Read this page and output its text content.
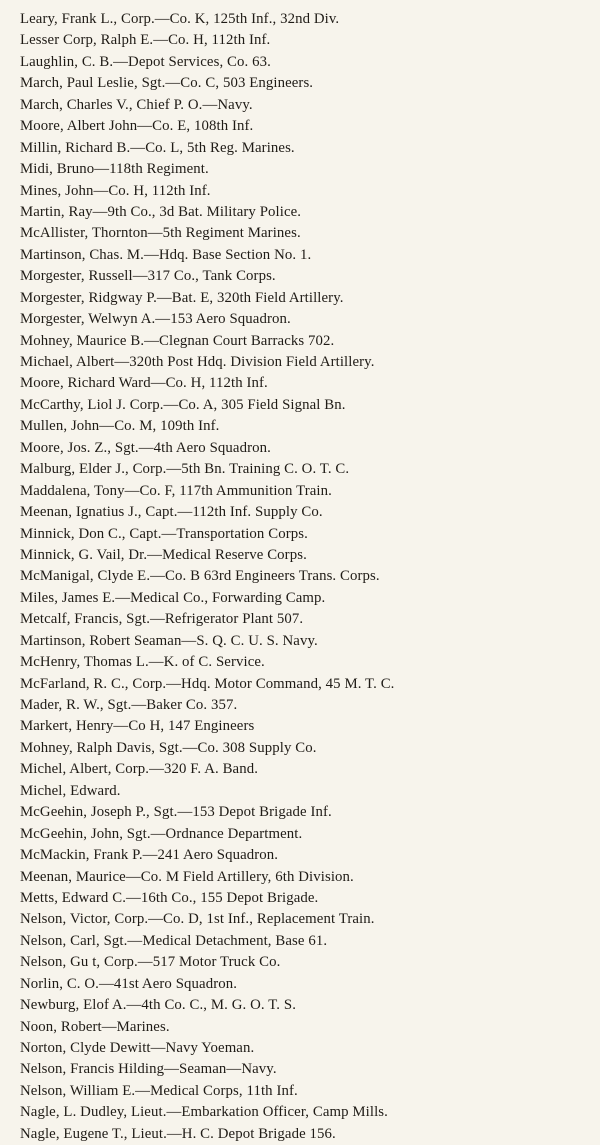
Leary, Frank L., Corp.—Co. K, 125th Inf., 32nd Div.
Lesser Corp, Ralph E.—Co. H, 112th Inf.
Laughlin, C. B.—Depot Services, Co. 63.
March, Paul Leslie, Sgt.—Co. C, 503 Engineers.
March, Charles V., Chief P. O.—Navy.
Moore, Albert John—Co. E, 108th Inf.
Millin, Richard B.—Co. L, 5th Reg. Marines.
Midi, Bruno—118th Regiment.
Mines, John—Co. H, 112th Inf.
Martin, Ray—9th Co., 3d Bat. Military Police.
McAllister, Thornton—5th Regiment Marines.
Martinson, Chas. M.—Hdq. Base Section No. 1.
Morgester, Russell—317 Co., Tank Corps.
Morgester, Ridgway P.—Bat. E, 320th Field Artillery.
Morgester, Welwyn A.—153 Aero Squadron.
Mohney, Maurice B.—Clegnan Court Barracks 702.
Michael, Albert—320th Post Hdq. Division Field Artillery.
Moore, Richard Ward—Co. H, 112th Inf.
McCarthy, Liol J. Corp.—Co. A, 305 Field Signal Bn.
Mullen, John—Co. M, 109th Inf.
Moore, Jos. Z., Sgt.—4th Aero Squadron.
Malburg, Elder J., Corp.—5th Bn. Training C. O. T. C.
Maddalena, Tony—Co. F, 117th Ammunition Train.
Meenan, Ignatius J., Capt.—112th Inf. Supply Co.
Minnick, Don C., Capt.—Transportation Corps.
Minnick, G. Vail, Dr.—Medical Reserve Corps.
McManigal, Clyde E.—Co. B 63rd Engineers Trans. Corps.
Miles, James E.—Medical Co., Forwarding Camp.
Metcalf, Francis, Sgt.—Refrigerator Plant 507.
Martinson, Robert Seaman—S. Q. C. U. S. Navy.
McHenry, Thomas L.—K. of C. Service.
McFarland, R. C., Corp.—Hdq. Motor Command, 45 M. T. C.
Mader, R. W., Sgt.—Baker Co. 357.
Markert, Henry—Co H, 147 Engineers
Mohney, Ralph Davis, Sgt.—Co. 308 Supply Co.
Michel, Albert, Corp.—320 F. A. Band.
Michel, Edward.
McGeehin, Joseph P., Sgt.—153 Depot Brigade Inf.
McGeehin, John, Sgt.—Ordnance Department.
McMackin, Frank P.—241 Aero Squadron.
Meenan, Maurice—Co. M Field Artillery, 6th Division.
Metts, Edward C.—16th Co., 155 Depot Brigade.
Nelson, Victor, Corp.—Co. D, 1st Inf., Replacement Train.
Nelson, Carl, Sgt.—Medical Detachment, Base 61.
Nelson, Gu t, Corp.—517 Motor Truck Co.
Norlin, C. O.—41st Aero Squadron.
Newburg, Elof A.—4th Co. C., M. G. O. T. S.
Noon, Robert—Marines.
Norton, Clyde Dewitt—Navy Yoeman.
Nelson, Francis Hilding—Seaman—Navy.
Nelson, William E.—Medical Corps, 11th Inf.
Nagle, L. Dudley, Lieut.—Embarkation Officer, Camp Mills.
Nagle, Eugene T., Lieut.—H. C. Depot Brigade 156.
